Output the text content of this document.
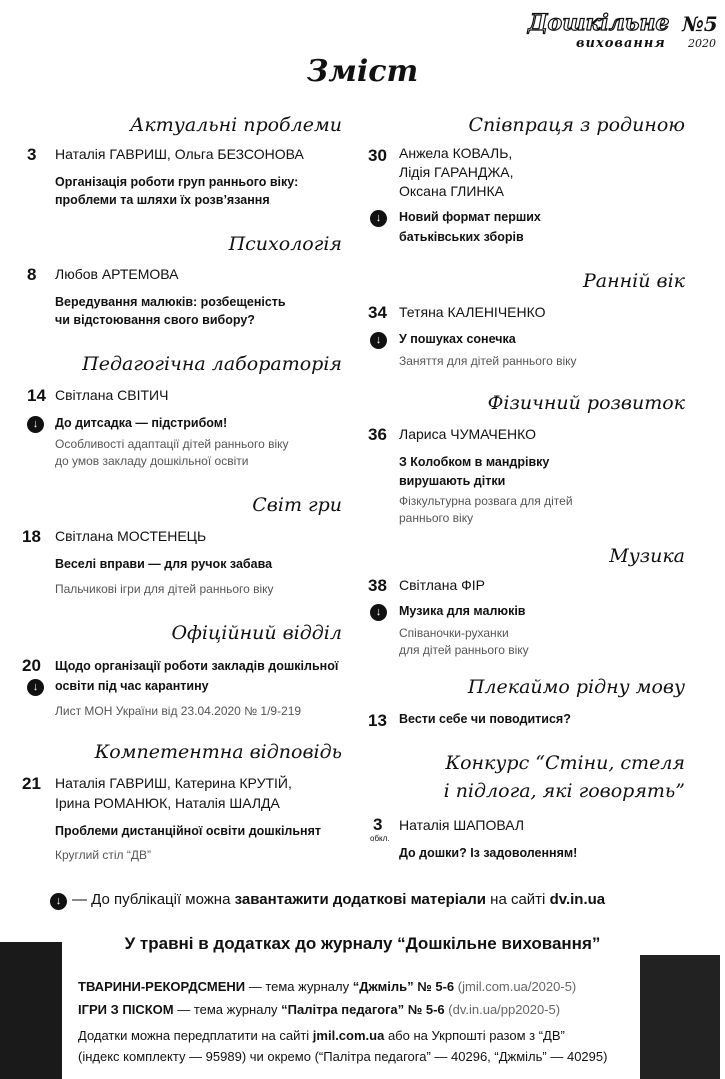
Дошкільне
виховання
№5
2020
Зміст
Актуальні проблеми
3 Наталія ГАВРИШ, Ольга БЕЗСОНОВА
Організація роботи груп раннього віку:
проблеми та шляхи їх розв’язання
Психологія
8 Любов АРТЕМОВА
Вередування малюків: розбещеність
чи відстоювання свого вибору?
Педагогічна лабораторія
14 Світлана СВІТИЧ
↓	До дитсадка — підстрибом!
Особливості адаптації дітей раннього віку
до умов закладу дошкільної освіти
Світ гри
18 Світлана МОСТЕНЕЦЬ
Веселі вправи — для ручок забава
Пальчикові ігри для дітей раннього віку
Офіційний відділ
20
↓
Щодо організації роботи закладів дошкільної
освіти під час карантину
Лист МОН України від 23.04.2020 № 1/9-219
Компетентна відповідь
21 Наталія ГАВРИШ, Катерина КРУТІЙ,
Ірина РОМАНЮК, Наталія ШАЛДА
Проблеми дистанційної освіти дошкільнят
Круглий стіл “ДВ”
Співпраця з родиною
30 Анжела КОВАЛЬ,
Лідія ГАРАНДЖА,
Оксана ГЛИНКА
↓	Новий формат перших
батьківських зборів
Ранній вік
34 Тетяна КАЛЕНІЧЕНКО
↓	У пошуках сонечка
Заняття для дітей раннього віку
Фізичний розвиток
36 Лариса ЧУМАЧЕНКО
З Колобком в мандрівку
вирушають дітки
Фізкультурна розвага для дітей
раннього віку
Музика
38 Світлана ФІР
↓	Музика для малюків
Співаночки-руханки
для дітей раннього віку
Плекаймо рідну мову
13 Вести себе чи поводитися?
Конкурс “Стіни, стеля
і підлога, які говорять”
3
обкл.
Наталія ШАПОВАЛ
До дошки? Із задоволенням!
↓ — До публікації можна завантажити додаткові матеріали на сайті dv.in.ua
У травні в додатках до журналу “Дошкільне виховання”
ТВАРИНИ-РЕКОРДСМЕНИ — тема журналу “Джміль” № 5-6 (jmil.com.ua/2020-5)
ІГРИ З ПІСКОМ — тема журналу “Палітра педагога” № 5-6 (dv.in.ua/pp2020-5)
Додатки можна передплатити на сайті jmil.com.ua або на Укрпошті разом з “ДВ”
(індекс комплекту — 95989) чи окремо (“Палітра педагога” — 40296, “Джміль” — 40295)
